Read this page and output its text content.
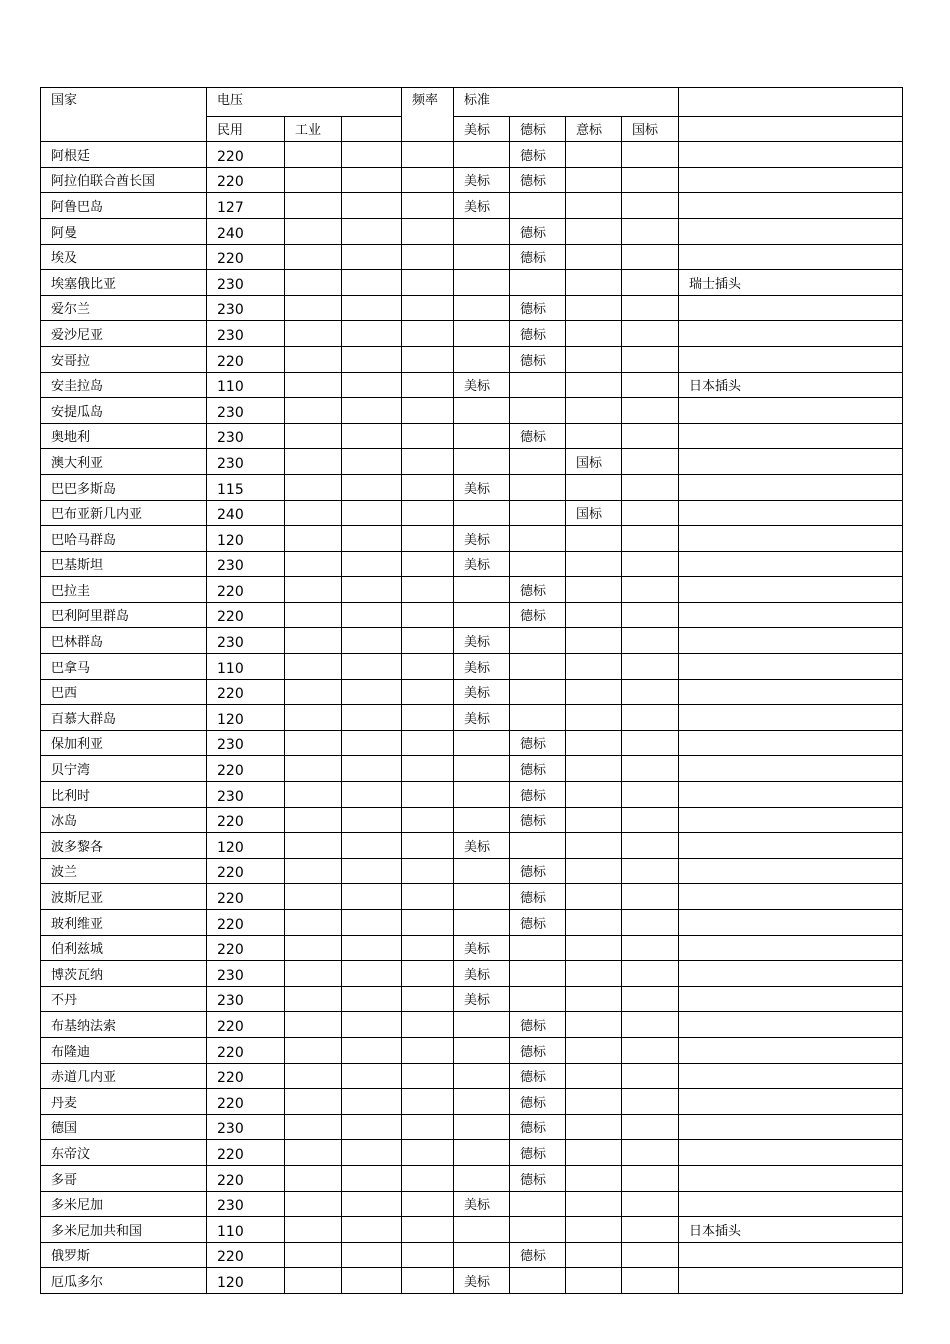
国家	电压			频率	标准				
	民用	工业			美标	德标	意标	国标	
阿根廷	220					德标			
阿拉伯联合酋长国	220				美标	德标			
阿鲁巴岛	127				美标				
阿曼	240					德标			
埃及	220					德标			
埃塞俄比亚	230								瑞士插头
爱尔兰	230					德标			
爱沙尼亚	230					德标			
安哥拉	220					德标			
安圭拉岛	110				美标				日本插头
安提瓜岛	230								
奥地利	230					德标			
澳大利亚	230						国标		
巴巴多斯岛	115				美标				
巴布亚新几内亚	240						国标		
巴哈马群岛	120				美标				
巴基斯坦	230				美标				
巴拉圭	220					德标			
巴利阿里群岛	220					德标			
巴林群岛	230				美标				
巴拿马	110				美标				
巴西	220				美标				
百慕大群岛	120				美标				
保加利亚	230					德标			
贝宁湾	220					德标			
比利时	230					德标			
冰岛	220					德标			
波多黎各	120				美标				
波兰	220					德标			
波斯尼亚	220					德标			
玻利维亚	220					德标			
伯利兹城	220				美标				
博茨瓦纳	230				美标				
不丹	230				美标				
布基纳法索	220					德标			
布隆迪	220					德标			
赤道几内亚	220					德标			
丹麦	220					德标			
德国	230					德标			
东帝汶	220					德标			
多哥	220					德标			
多米尼加	230				美标				
多米尼加共和国	110								日本插头
俄罗斯	220					德标			
厄瓜多尔	120				美标				
